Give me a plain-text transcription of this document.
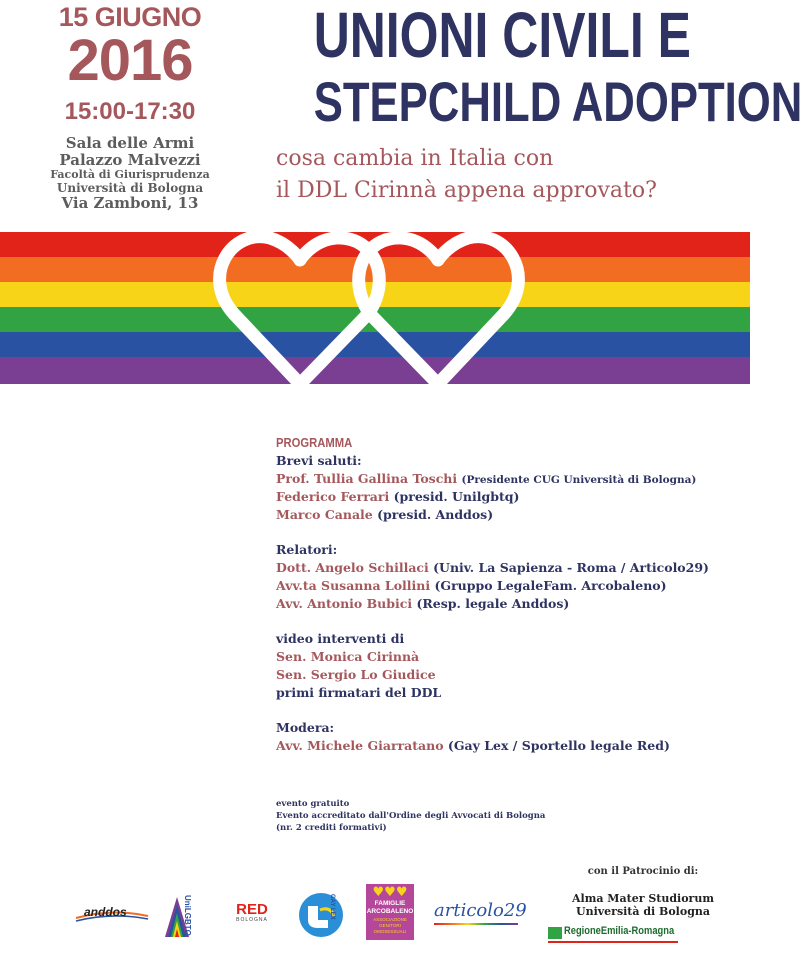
15 GIUGNO
2016
15:00-17:30
Sala delle Armi
Palazzo Malvezzi
Facoltà di Giurisprudenza
Università di Bologna
Via Zamboni, 13
UNIONI CIVILI E
STEPCHILD ADOPTION
cosa cambia in Italia con
il DDL Cirinnà appena approvato?
PROGRAMMA
Brevi saluti:
Prof. Tullia Gallina Toschi (Presidente CUG Università di Bologna)
Federico Ferrari (presid. Unilgbtq)
Marco Canale (presid. Anddos)
Relatori:
Dott. Angelo Schillaci (Univ. La Sapienza - Roma / Articolo29)
Avv.ta Susanna Lollini (Gruppo LegaleFam. Arcobaleno)
Avv. Antonio Bubici (Resp. legale Anddos)
video interventi di
Sen. Monica Cirinnà
Sen. Sergio Lo Giudice
primi firmatari del DDL
Modera:
Avv. Michele Giarratano (Gay Lex / Sportello legale Red)
evento gratuito
Evento accreditato dall'Ordine degli Avvocati di Bologna
(nr. 2 crediti formativi)
anddos	UniLGBTQ	RED
BOLOGNA
GAY LEX
♥♥♥
FAMIGLIE
ARCOBALENO
ASSOCIAZIONE GENITORI OMOSESSUALI
articolo29
con il Patrocinio di:
Alma Mater Studiorum
Università di Bologna
RegioneEmilia-Romagna
